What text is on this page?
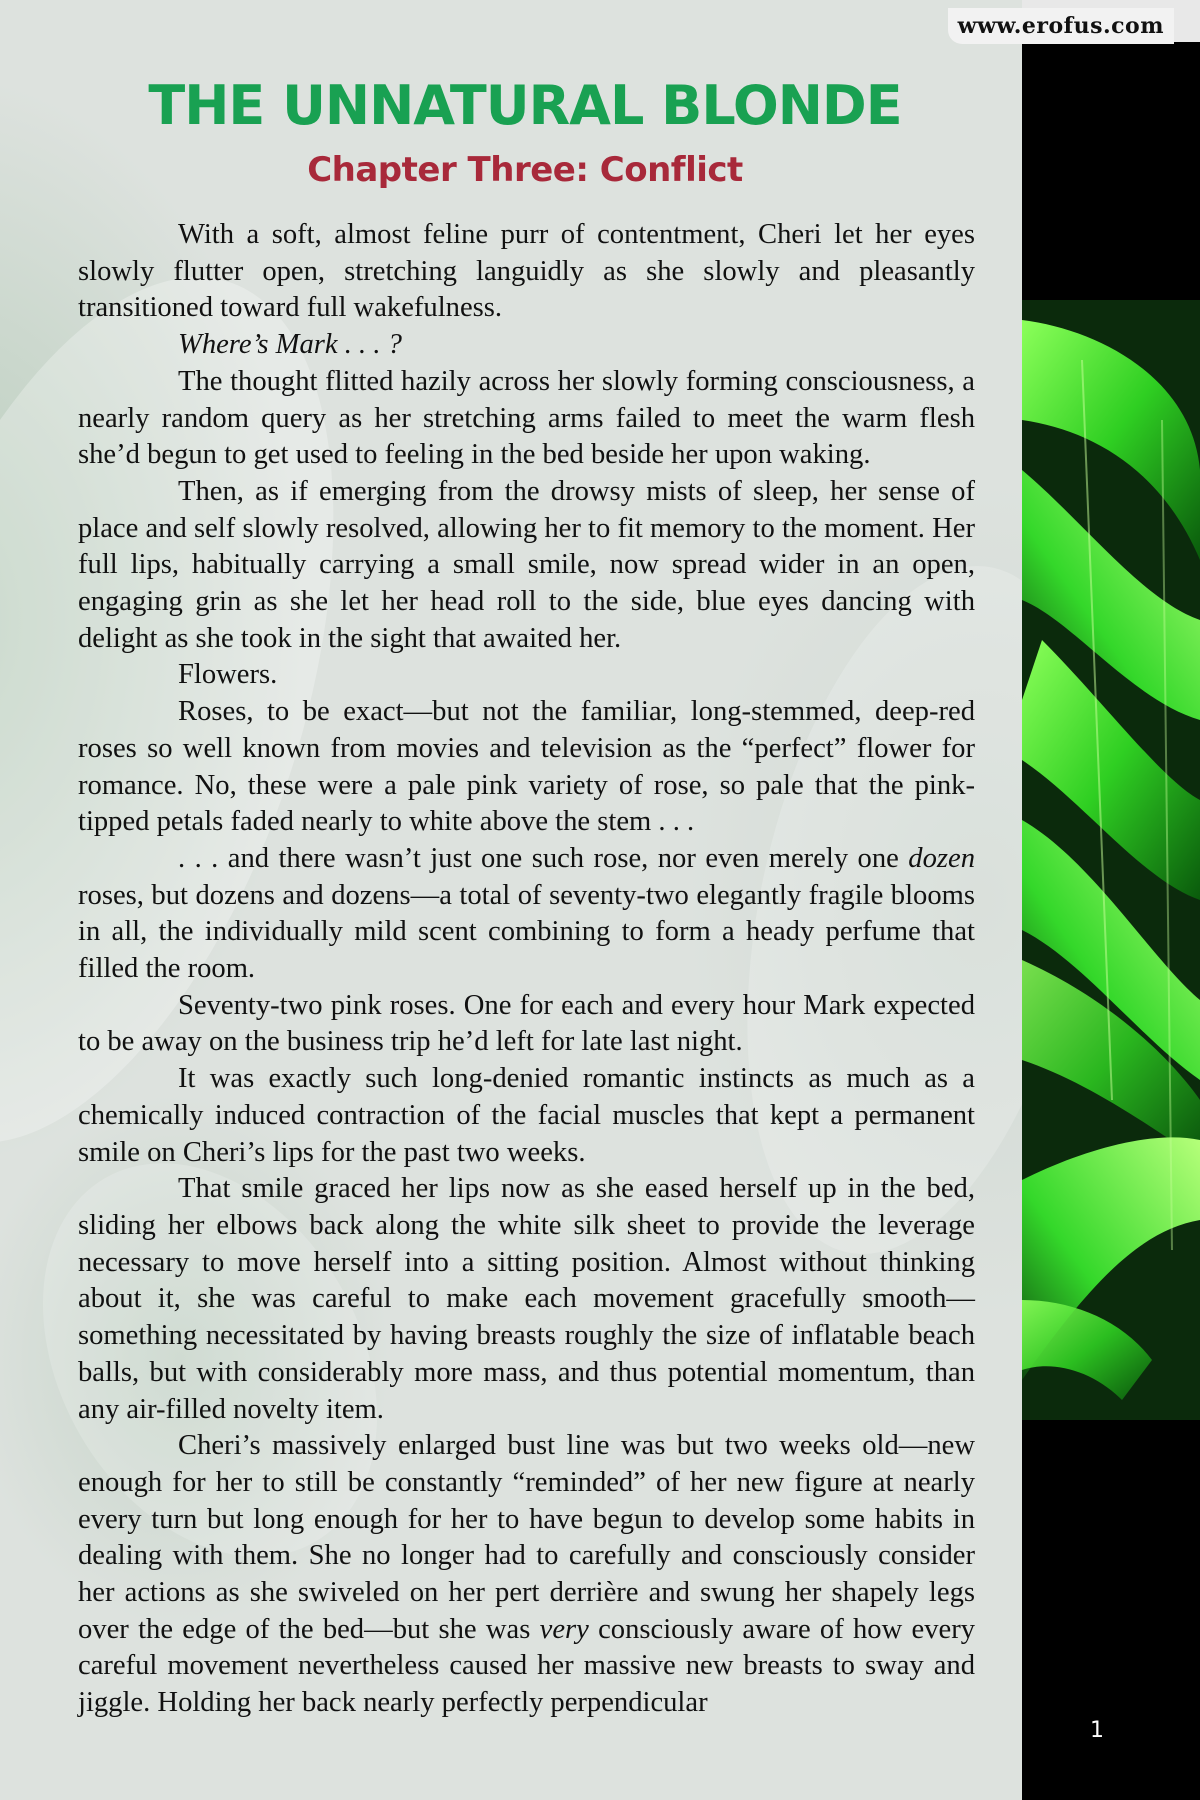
THE UNNATURAL BLONDE
Chapter Three: Conflict

With a soft, almost feline purr of contentment, Cheri let her eyes slowly flutter open, stretching languidly as she slowly and pleasantly transitioned toward full wakefulness.

Where’s Mark . . . ?

The thought flitted hazily across her slowly forming consciousness, a nearly random query as her stretching arms failed to meet the warm flesh she’d begun to get used to feeling in the bed beside her upon waking.

Then, as if emerging from the drowsy mists of sleep, her sense of place and self slowly resolved, allowing her to fit memory to the moment. Her full lips, habitually carrying a small smile, now spread wider in an open, engaging grin as she let her head roll to the side, blue eyes dancing with delight as she took in the sight that awaited her.

Flowers.

Roses, to be exact—but not the familiar, long-stemmed, deep-red roses so well known from movies and television as the “perfect” flower for romance. No, these were a pale pink variety of rose, so pale that the pink-tipped petals faded nearly to white above the stem . . .

. . . and there wasn’t just one such rose, nor even merely one dozen roses, but dozens and dozens—a total of seventy-two elegantly fragile blooms in all, the individually mild scent combining to form a heady perfume that filled the room.

Seventy-two pink roses. One for each and every hour Mark expected to be away on the business trip he’d left for late last night.

It was exactly such long-denied romantic instincts as much as a chemically induced contraction of the facial muscles that kept a permanent smile on Cheri’s lips for the past two weeks.

That smile graced her lips now as she eased herself up in the bed, sliding her elbows back along the white silk sheet to provide the leverage necessary to move herself into a sitting position. Almost without thinking about it, she was careful to make each movement gracefully smooth—something necessitated by having breasts roughly the size of inflatable beach balls, but with considerably more mass, and thus potential momentum, than any air-filled novelty item.

Cheri’s massively enlarged bust line was but two weeks old—new enough for her to still be constantly “reminded” of her new figure at nearly every turn but long enough for her to have begun to develop some habits in dealing with them. She no longer had to carefully and consciously consider her actions as she swiveled on her pert derrière and swung her shapely legs over the edge of the bed—but she was very consciously aware of how every careful movement nevertheless caused her massive new breasts to sway and jiggle. Holding her back nearly perfectly perpendicular

www.erofus.com
1
